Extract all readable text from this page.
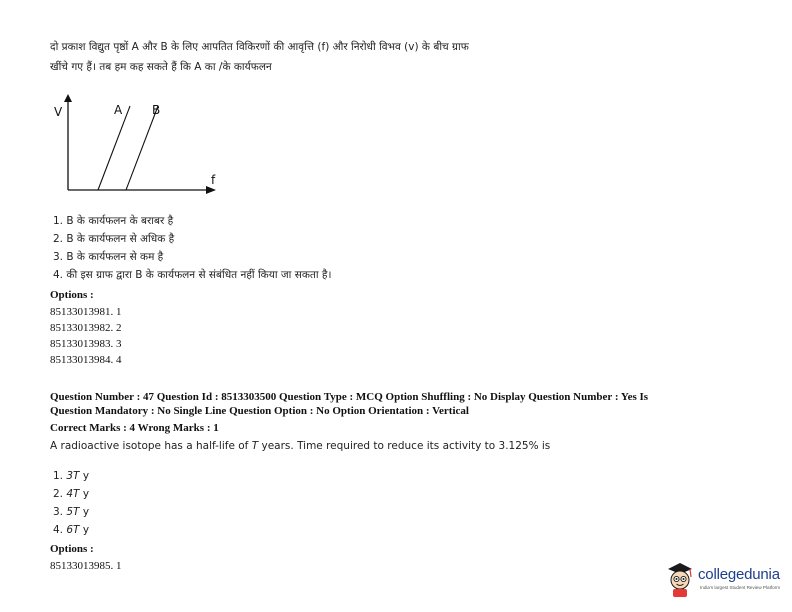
दो प्रकाश विद्युत पृष्ठों A और B के लिए आपतित विकिरणों की आवृत्ति (f) और निरोधी विभव (v) के बीच ग्राफ
खींचे गए हैं। तब हम कह सकते हैं कि A का /के कार्यफलन
V	A B
f
1. B के कार्यफलन के बराबर है
2. B के कार्यफलन से अधिक है
3. B के कार्यफलन से कम है
4. की इस ग्राफ द्वारा B के कार्यफलन से संबंधित नहीं किया जा सकता है।
Options :
85133013981. 1
85133013982. 2
85133013983. 3
85133013984. 4
Question Number : 47 Question Id : 8513303500 Question Type : MCQ Option Shuffling : No Display Question Number : Yes Is
Question Mandatory : No Single Line Question Option : No Option Orientation : Vertical
Correct Marks : 4 Wrong Marks : 1
A radioactive isotope has a half-life of T years. Time required to reduce its activity to 3.125% is
1. 3T y
2. 4T y
3. 5T y
4. 6T y
Options :
85133013985. 1	collegedunia
India's largest Student Review Platform
